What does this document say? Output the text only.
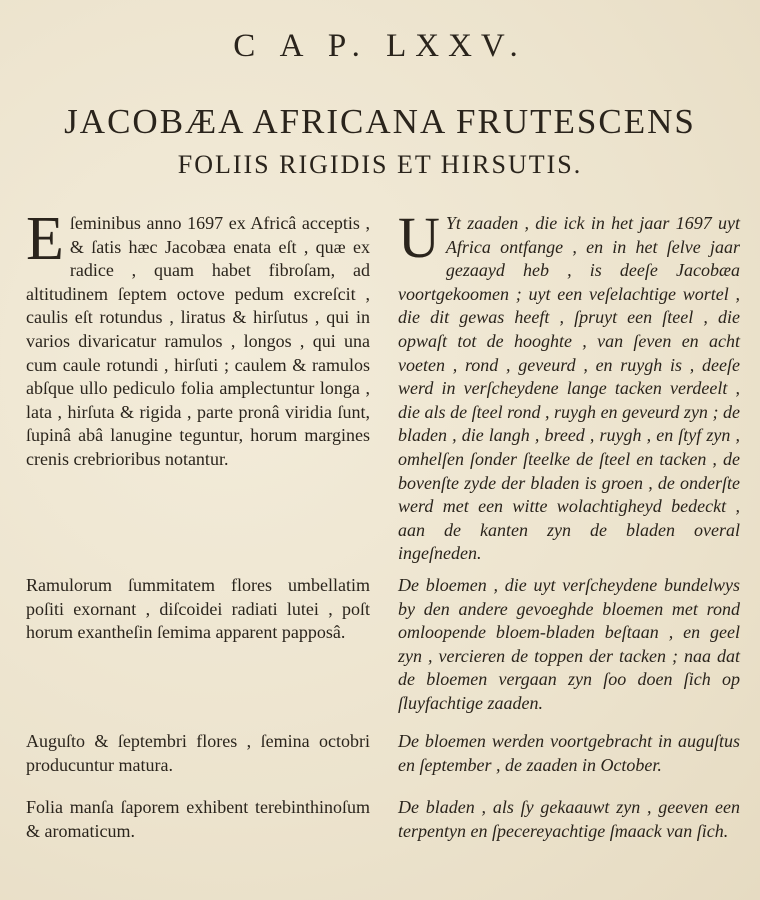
C A P. LXXV.
JACOBÆA AFRICANA FRUTESCENS
FOLIIS RIGIDIS ET HIRSUTIS.

Eſeminibus anno 1697 ex Africâ acceptis , & ſatis hæc Jacobæa enata eſt , quæ ex radice , quam habet fibroſam, ad altitudinem ſeptem octove pedum excreſcit , caulis eſt rotundus , liratus & hirſutus , qui in varios divaricatur ramulos , longos , qui una cum caule rotundi , hirſuti ; caulem & ramulos abſque ullo pediculo folia amplectuntur longa , lata , hirſuta & rigida , parte pronâ viridia ſunt, ſupinâ abâ lanugine teguntur, horum margines crenis crebrioribus notantur.

Ramulorum ſummitatem flores umbellatim poſiti exornant , diſcoidei radiati lutei , poſt horum exantheſin ſemima apparent papposâ.

Auguſto & ſeptembri flores , ſemina octobri producuntur matura.

Folia manſa ſaporem exhibent terebinthinoſum & aromaticum.

U Yt zaaden , die ick in het jaar 1697 uyt Africa ontfange , en in het ſelve jaar gezaayd heb , is deeſe Jacobæa voortgekoomen ; uyt een veſelachtige wortel , die dit gewas heeft , ſpruyt een ſteel , die opwaſt tot de hooghte , van ſeven en acht voeten , rond , geveurd , en ruygh is , deeſe werd in verſcheydene lange tacken verdeelt , die als de ſteel rond , ruygh en geveurd zyn ; de bladen , die langh , breed , ruygh , en ſtyf zyn , omhelſen ſonder ſteelke de ſteel en tacken , de bovenſte zyde der bladen is groen , de onderſte werd met een witte wolachtigheyd bedeckt , aan de kanten zyn de bladen overal ingeſneden.

De bloemen , die uyt verſcheydene bundelwys by den andere gevoeghde bloemen met rond omloopende bloem-bladen beſtaan , en geel zyn , vercieren de toppen der tacken ; naa dat de bloemen vergaan zyn ſoo doen ſich op ſluyfachtige zaaden.

De bloemen werden voortgebracht in auguſtus en ſeptember , de zaaden in October.

De bladen , als ſy gekaauwt zyn , geeven een terpentyn en ſpecereyachtige ſmaack van ſich.
